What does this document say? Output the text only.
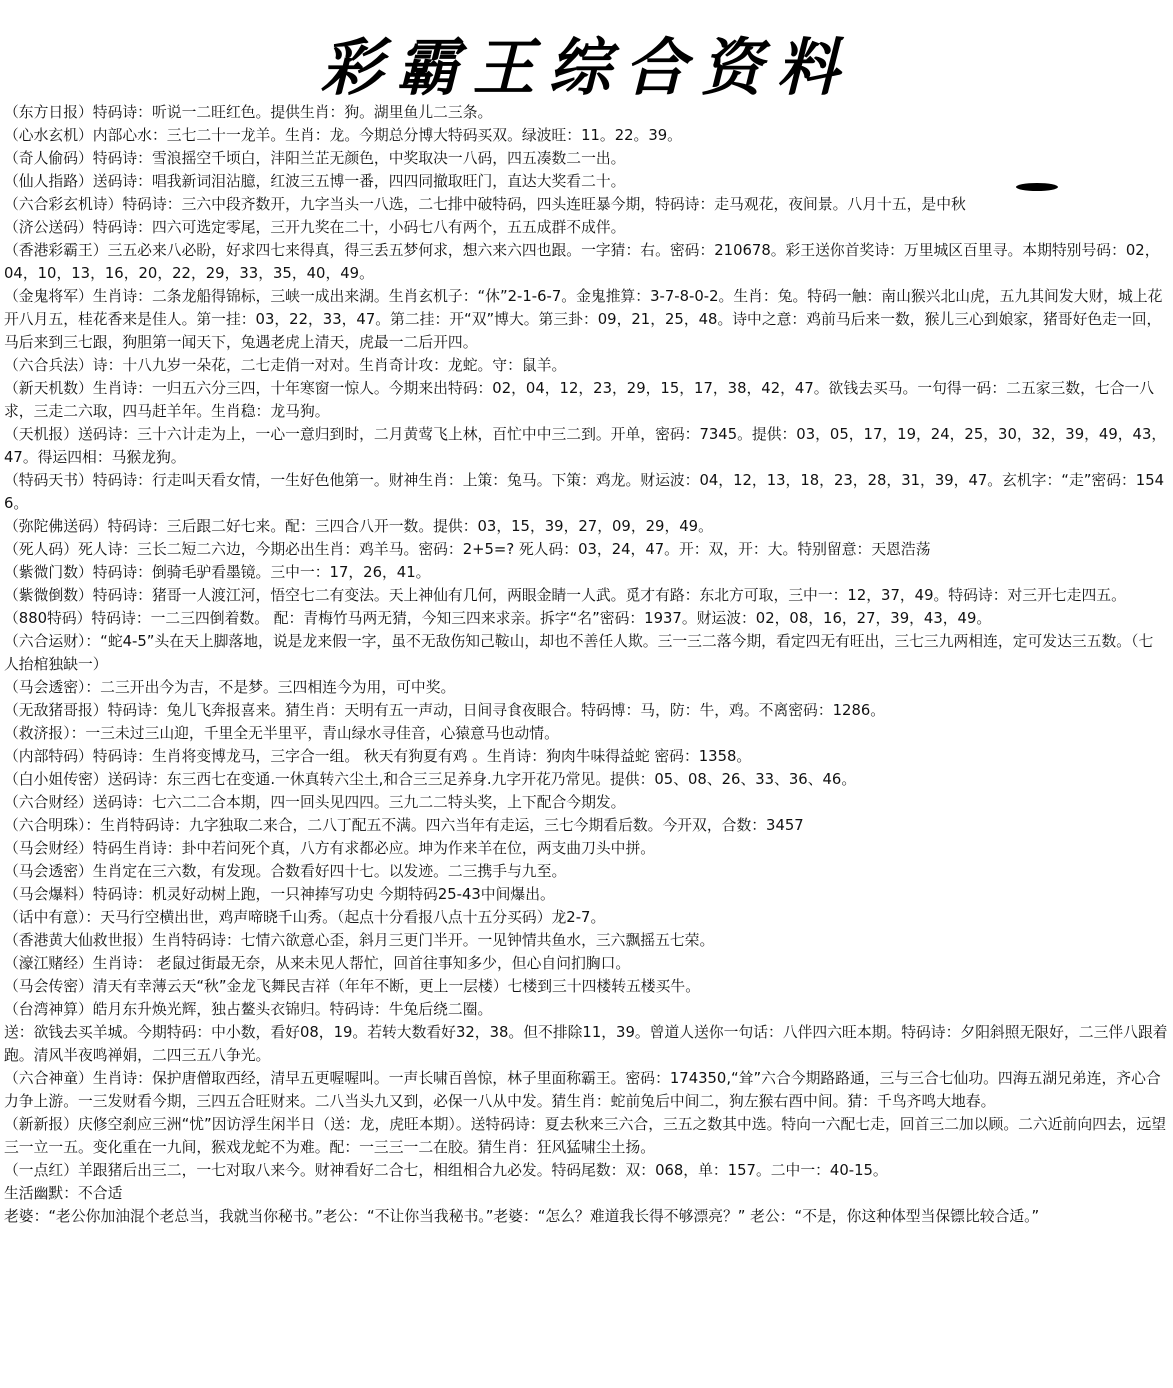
彩霸王综合资料
（东方日报）特码诗：听说一二旺红色。提供生肖：狗。湖里鱼儿二三条。
（心水玄机）内部心水：三七二十一龙羊。生肖：龙。今期总分博大特码买双。绿波旺：11。22。39。
（奇人偷码）特码诗：雪浪摇空千顷白，沣阳兰芷无颜色，中奖取决一八码，四五凑数二一出。
（仙人指路）送码诗：唱我新词泪沾臆，红波三五博一番，四四同撤取旺门，直达大奖看二十。
（六合彩玄机诗）特码诗：三六中段齐数开，九字当头一八选，二七排中破特码，四头连旺暴今期，特码诗：走马观花，夜间景。八月十五，是中秋
（济公送码）特码诗：四六可选定零尾，三开九奖在二十，小码七八有两个，五五成群不成伴。
（香港彩霸王）三五必来八必盼，好求四七来得真，得三丢五梦何求，想六来六四也跟。一字猜：右。密码：210678。彩王送你首奖诗：万里城区百里寻。本期特别号码：02，04，10，13，16，20，22，29，33，35，40，49。
（金鬼将军）生肖诗：二条龙船得锦标，三峡一成出来湖。生肖玄机子：“休”2-1-6-7。金鬼推算：3-7-8-0-2。生肖：兔。特码一触：南山猴兴北山虎，五九其间发大财，城上花开八月五，桂花香来是佳人。第一挂：03，22，33，47。第二挂：开“双”博大。第三卦：09，21，25，48。诗中之意：鸡前马后来一数，猴儿三心到娘家，猪哥好色走一回，马后来到三七跟，狗胆第一闻天下，兔遇老虎上清天，虎最一二后开四。
（六合兵法）诗：十八九岁一朵花，二七走俏一对对。生肖奇计攻：龙蛇。守：鼠羊。
（新天机数）生肖诗：一归五六分三四，十年寒窗一惊人。今期来出特码：02，04，12，23，29，15，17，38，42，47。欲钱去买马。一句得一码：二五家三数，七合一八求，三走二六取，四马赶羊年。生肖稳：龙马狗。
（天机报）送码诗：三十六计走为上，一心一意归到时，二月黄莺飞上林，百忙中中三二到。开单，密码：7345。提供：03，05，17，19，24，25，30，32，39，49，43，47。得运四相：马猴龙狗。
（特码天书）特码诗：行走叫天看女情，一生好色他第一。财神生肖：上策：兔马。下策：鸡龙。财运波：04，12，13，18，23，28，31，39，47。玄机字：“走”密码：1546。
（弥陀佛送码）特码诗：三后跟二好七来。配：三四合八开一数。提供：03，15，39，27，09，29，49。
（死人码）死人诗：三长二短二六边，今期必出生肖：鸡羊马。密码：2+5=? 死人码：03，24，47。开：双，开：大。特别留意：天恩浩荡
（紫微门数）特码诗：倒骑毛驴看墨镜。三中一：17，26，41。
（紫微倒数）特码诗：猪哥一人渡江河，悟空七二有变法。天上神仙有几何，两眼金睛一人武。觅才有路：东北方可取，三中一：12，37，49。特码诗：对三开七走四五。
（880特码）特码诗：一二三四倒着数。 配：青梅竹马两无猜，今知三四来求亲。拆字“名”密码：1937。财运波：02，08，16，27，39，43，49。
（六合运财）：“蛇4-5”头在天上脚落地，说是龙来假一字，虽不无敌伤知己鞍山，却也不善任人欺。三一三二落今期，看定四无有旺出，三七三九两相连，定可发达三五数。（七人抬棺独缺一）
（马会透密）：二三开出今为吉，不是梦。三四相连今为用，可中奖。
（无敌猪哥报）特码诗：兔儿飞奔报喜来。猜生肖：天明有五一声动，日间寻食夜眼合。特码博：马，防：牛，鸡。不离密码：1286。
（救济报）：一三未过三山迎，千里全无半里平，青山绿水寻佳音，心猿意马也动情。
（内部特码）特码诗：生肖将变博龙马，三字合一组。 秋天有狗夏有鸡 。生肖诗：狗肉牛味得益蛇 密码：1358。
（白小姐传密）送码诗：东三西七在变通.一休真转六尘土,和合三三足养身.九字开花乃常见。提供：05、08、26、33、36、46。
（六合财经）送码诗：七六二二合本期，四一回头见四四。三九二二特头奖，上下配合今期发。
（六合明珠）：生肖特码诗：九字独取二来合，二八丁配五不满。四六当年有走运，三七今期看后数。今开双，合数：3457
（马会财经）特码生肖诗：卦中若问死个真，八方有求都必应。坤为作来羊在位，两支曲刀头中拼。
（马会透密）生肖定在三六数，有发现。合数看好四十七。以发迹。二三携手与九至。
（马会爆料）特码诗：机灵好动树上跑，一只神捧写功史 今期特码25-43中间爆出。
（话中有意）：天马行空横出世，鸡声啼晓千山秀。（起点十分看报八点十五分买码）龙2-7。
（香港黄大仙救世报）生肖特码诗：七情六欲意心歪，斜月三更门半开。一见钟情共鱼水，三六飘摇五七荣。
（濠江赌经）生肖诗： 老鼠过街最无奈，从来未见人帮忙，回首往事知多少，但心自问扪胸口。
（马会传密）清天有幸薄云天“秋”金龙飞舞民吉祥（年年不断，更上一层楼）七楼到三十四楼转五楼买牛。
（台湾神算）皓月东升焕光辉，独占鳌头衣锦归。特码诗：牛兔后绕二圈。
送：欲钱去买羊城。今期特码：中小数，看好08，19。若转大数看好32，38。但不排除11，39。曾道人送你一句话：八伴四六旺本期。特码诗：夕阳斜照无限好，二三伴八跟着跑。清风半夜鸣禅娟，二四三五八争光。
（六合神童）生肖诗：保护唐僧取西经，清早五更喔喔叫。一声长啸百兽惊，林子里面称霸王。密码：174350,“耸”六合今期路路通，三与三合七仙功。四海五湖兄弟连，齐心合力争上游。一三发财看今期，三四五合旺财来。二八当头九又到，必保一八从中发。猜生肖：蛇前兔后中间二，狗左猴右酉中间。猜：千鸟齐鸣大地春。
（新新报）庆修空刹应三洲“忧”因访浮生闲半日（送：龙，虎旺本期）。送特码诗：夏去秋来三六合，三五之数其中选。特向一六配七走，回首三二加以顾。二六近前向四去，远望三一立一五。变化重在一九间，猴戏龙蛇不为难。配：一三三一二在胶。猜生肖：狂风猛啸尘土扬。
（一点红）羊跟猪后出三二，一七对取八来今。财神看好二合七，相组相合九必发。特码尾数：双：068，单：157。二中一：40-15。
生活幽默：不合适
老婆：“老公你加油混个老总当，我就当你秘书。”老公：“不让你当我秘书。”老婆：“怎么？难道我长得不够漂亮？” 老公：“不是，你这种体型当保镖比较合适。”
